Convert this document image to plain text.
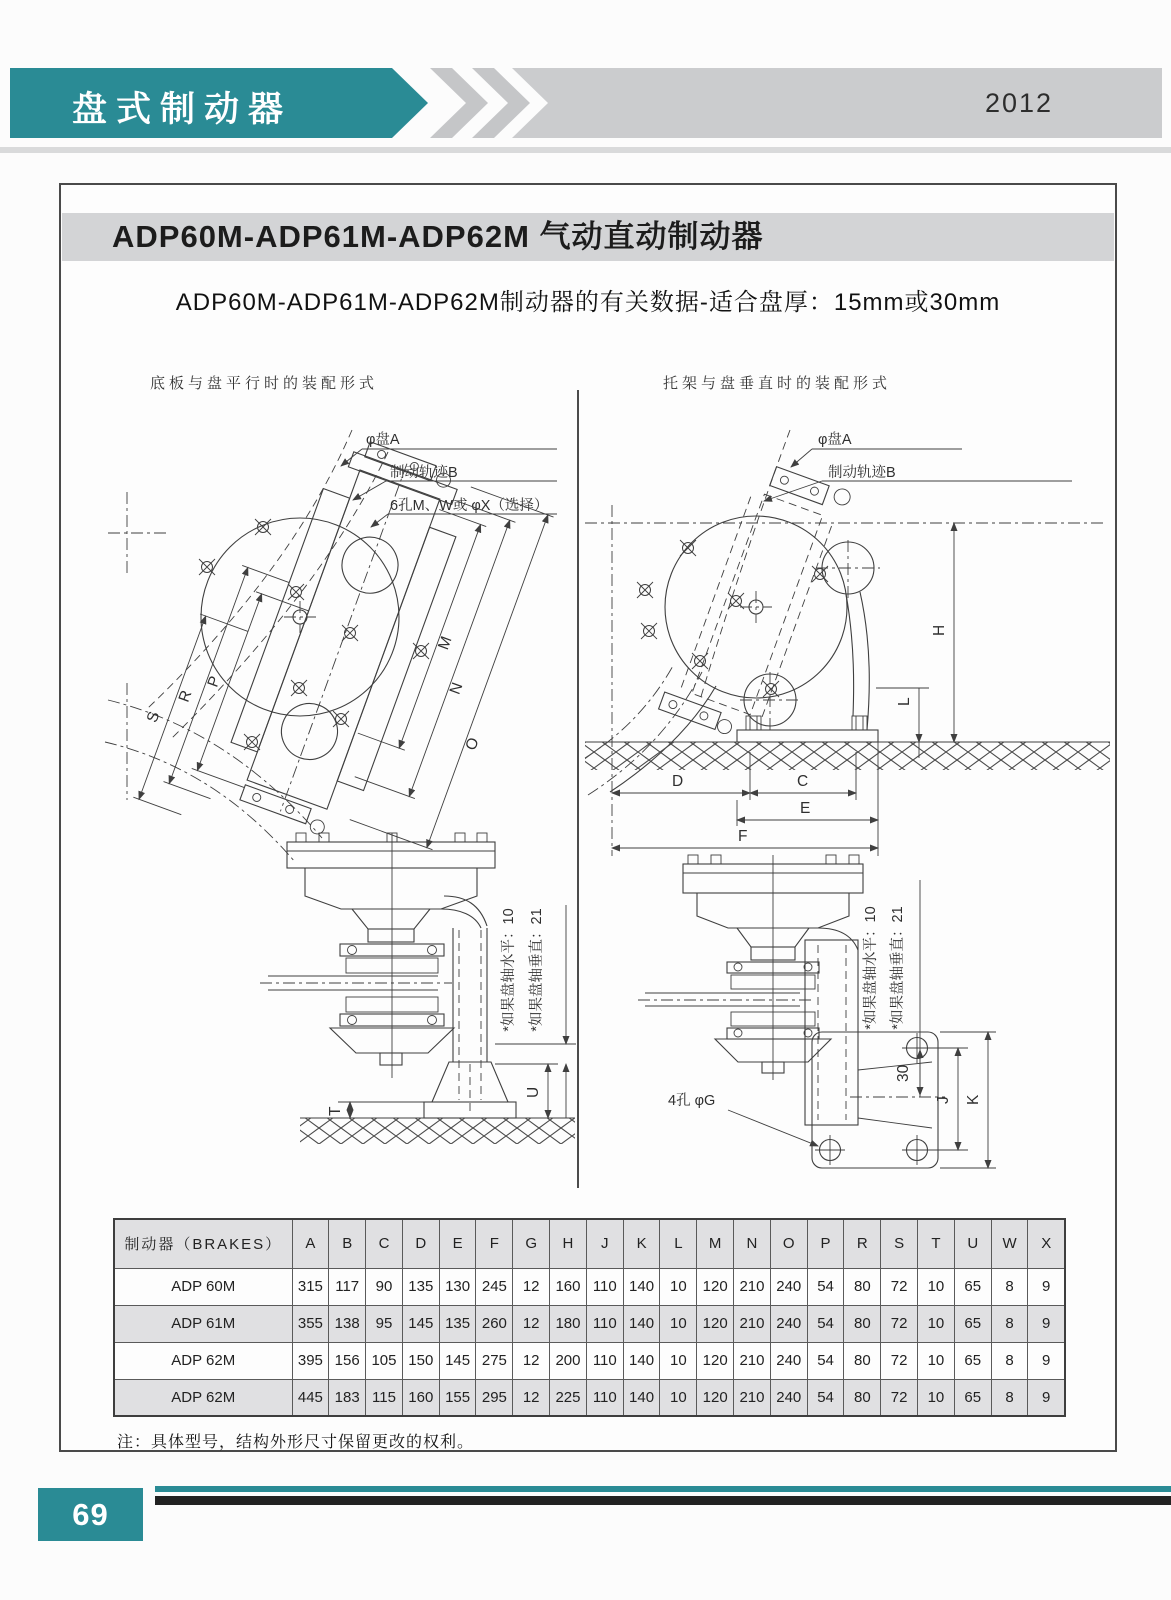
盘式制动器	2012
ADP60M-ADP61M-ADP62M 气动直动制动器
ADP60M-ADP61M-ADP62M制动器的有关数据-适合盘厚：15mm或30mm
底板与盘平行时的装配形式	托架与盘垂直时的装配形式
φ盘A
制动轨迹B
6孔M、W或 φX（选择）
M
N
O
P
R
S
T
U
*如果盘轴水平：10 *如果盘轴垂直：21
φ盘A
制动轨迹B
H
L
D	C
E
F
4孔 φG
30
J K
*如果盘轴水平：10 *如果盘轴垂直：21
制动器（BRAKES）	A	B	C	D	E	F	G	H	J	K	L	M	N	O	P	R	S	T	U	W	X
ADP 60M	315	117	90	135	130	245	12	160	110	140	10	120	210	240	54	80	72	10	65	8	9
ADP 61M	355	138	95	145	135	260	12	180	110	140	10	120	210	240	54	80	72	10	65	8	9
ADP 62M	395	156	105	150	145	275	12	200	110	140	10	120	210	240	54	80	72	10	65	8	9
ADP 62M	445	183	115	160	155	295	12	225	110	140	10	120	210	240	54	80	72	10	65	8	9
注：具体型号，结构外形尺寸保留更改的权利。
69
